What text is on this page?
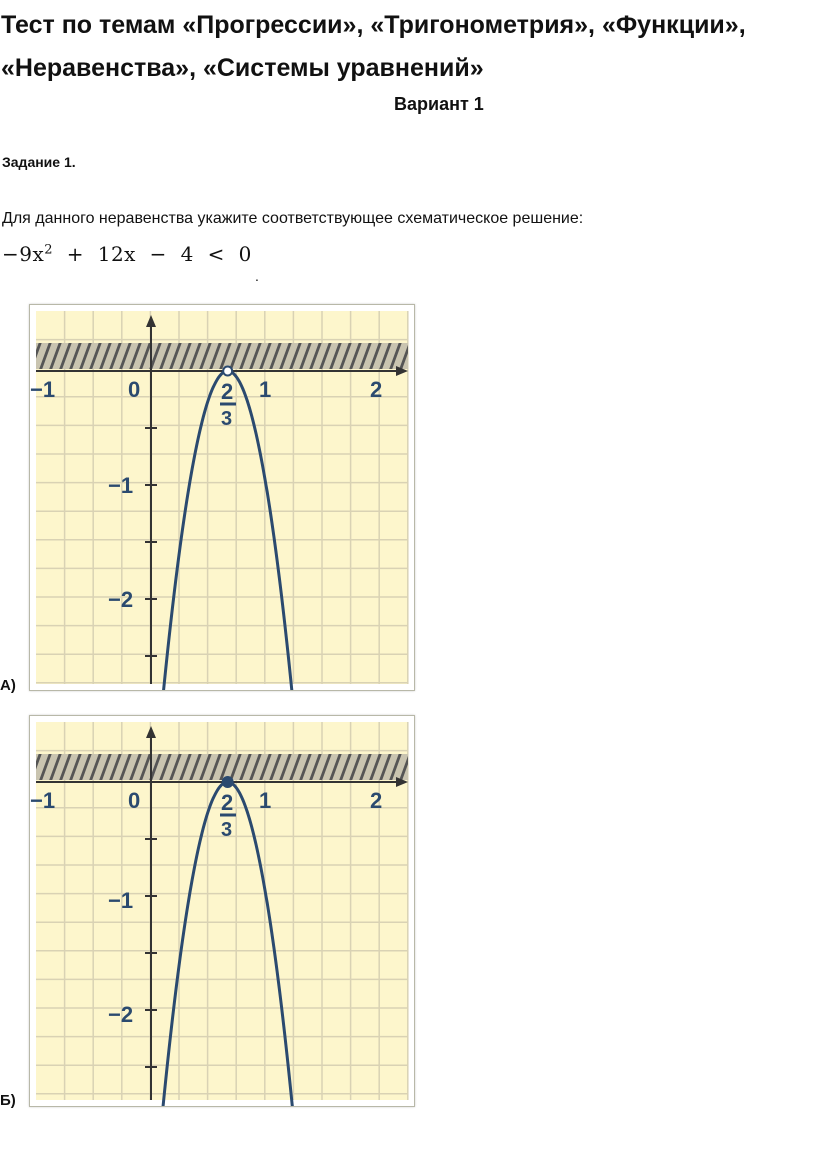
Тест по темам «Прогрессии», «Тригонометрия», «Функции», «Неравенства», «Системы уравнений»
Вариант 1
Задание 1.
Для данного неравенства укажите соответствующее схематическое решение:
$-9x^2 + 12x - 4 < 0$
.
−1	0	1	2
2
3
−1
−2
А)
−1	0	1	2
2
3
−1
−2
Б)
